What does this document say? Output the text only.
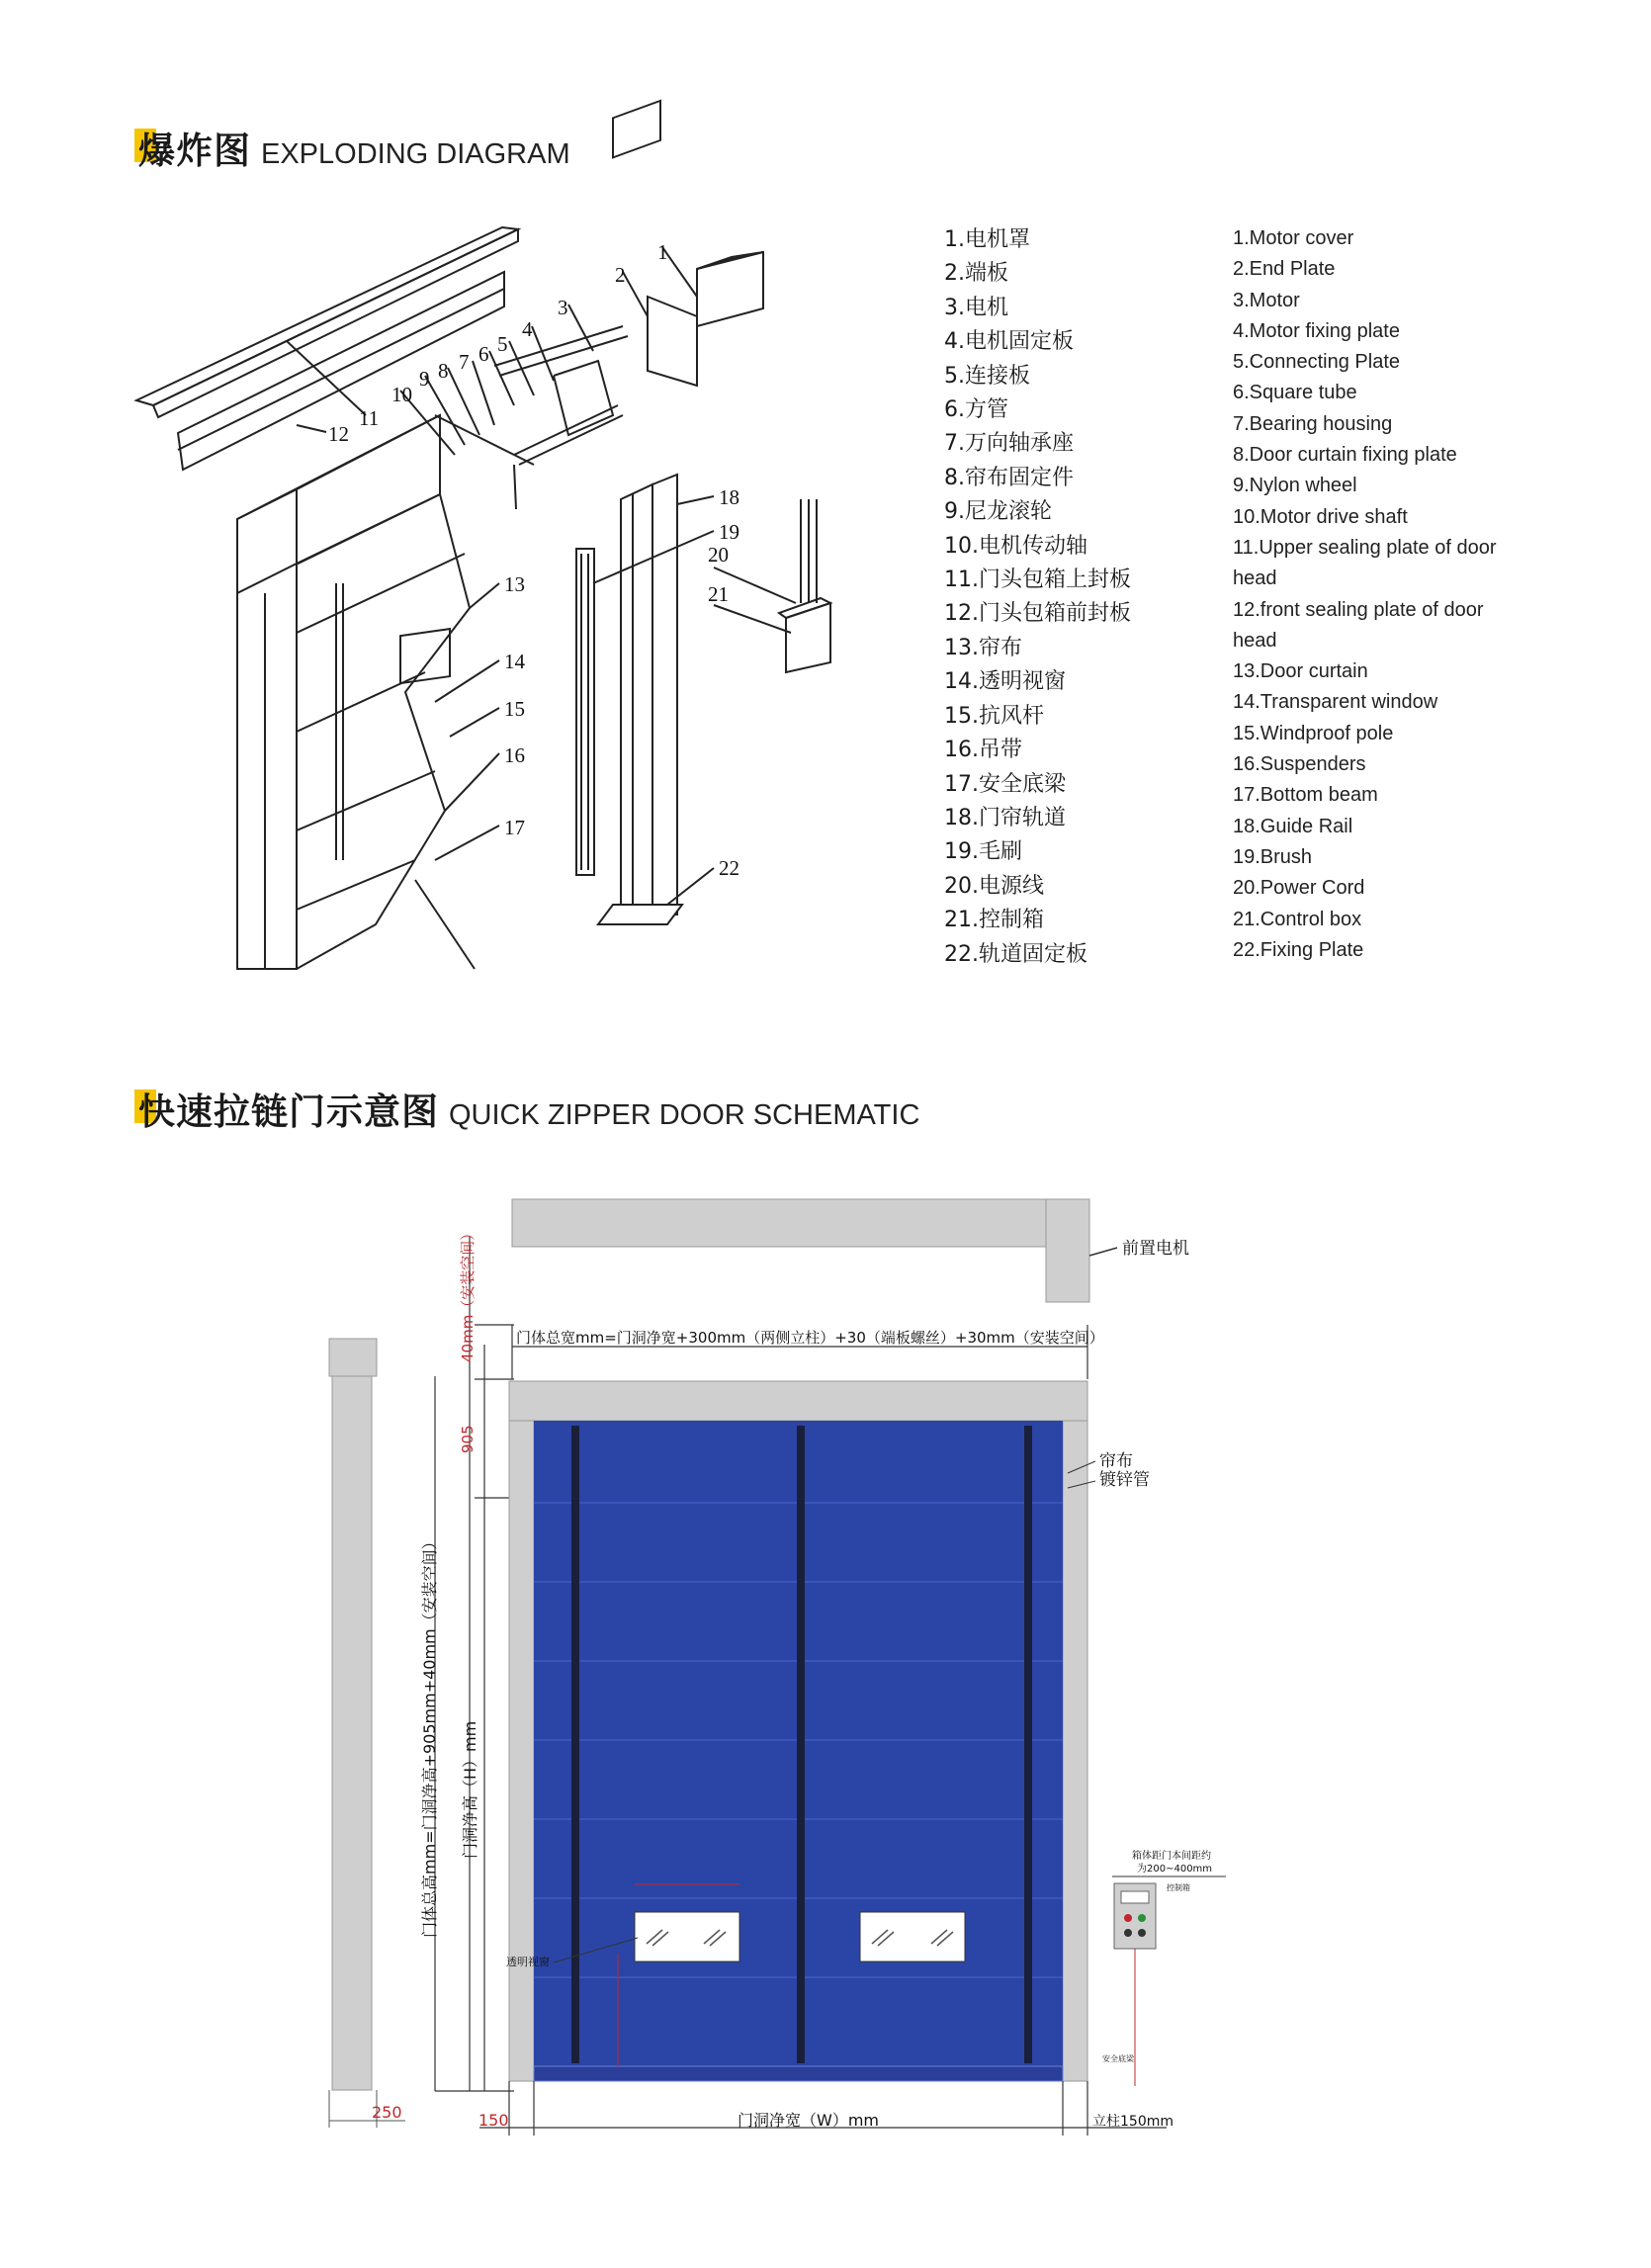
爆炸图 EXPLODING DIAGRAM
1
2
3
4
5
6
7
8
9
10
11
12
13
14
15
16
17
18
19
20
21
22
1.电机罩
2.端板
3.电机
4.电机固定板
5.连接板
6.方管
7.万向轴承座
8.帘布固定件
9.尼龙滚轮
10.电机传动轴
11.门头包箱上封板
12.门头包箱前封板
13.帘布
14.透明视窗
15.抗风杆
16.吊带
17.安全底梁
18.门帘轨道
19.毛刷
20.电源线
21.控制箱
22.轨道固定板
1.Motor cover
2.End Plate
3.Motor
4.Motor fixing plate
5.Connecting Plate
6.Square tube
7.Bearing housing
8.Door curtain fixing plate
9.Nylon wheel
10.Motor drive shaft
11.Upper sealing plate of door head
12.front sealing plate of door head
13.Door curtain
14.Transparent window
15.Windproof pole
16.Suspenders
17.Bottom beam
18.Guide Rail
19.Brush
20.Power Cord
21.Control box
22.Fixing Plate
快速拉链门示意图 QUICK ZIPPER DOOR SCHEMATIC
前置电机
250
40mm（安装空间）
905
门体总高mm=门洞净高+905mm+40mm（安装空间） 门洞净高（H）mm
门体总宽mm=门洞净宽+300mm（两侧立柱）+30（端板螺丝）+30mm（安装空间）
透明视窗
帘布
镀锌管
箱体距门本间距约
为200~400mm
控制箱
安全底梁
150	门洞净宽（W）mm	立柱150mm
